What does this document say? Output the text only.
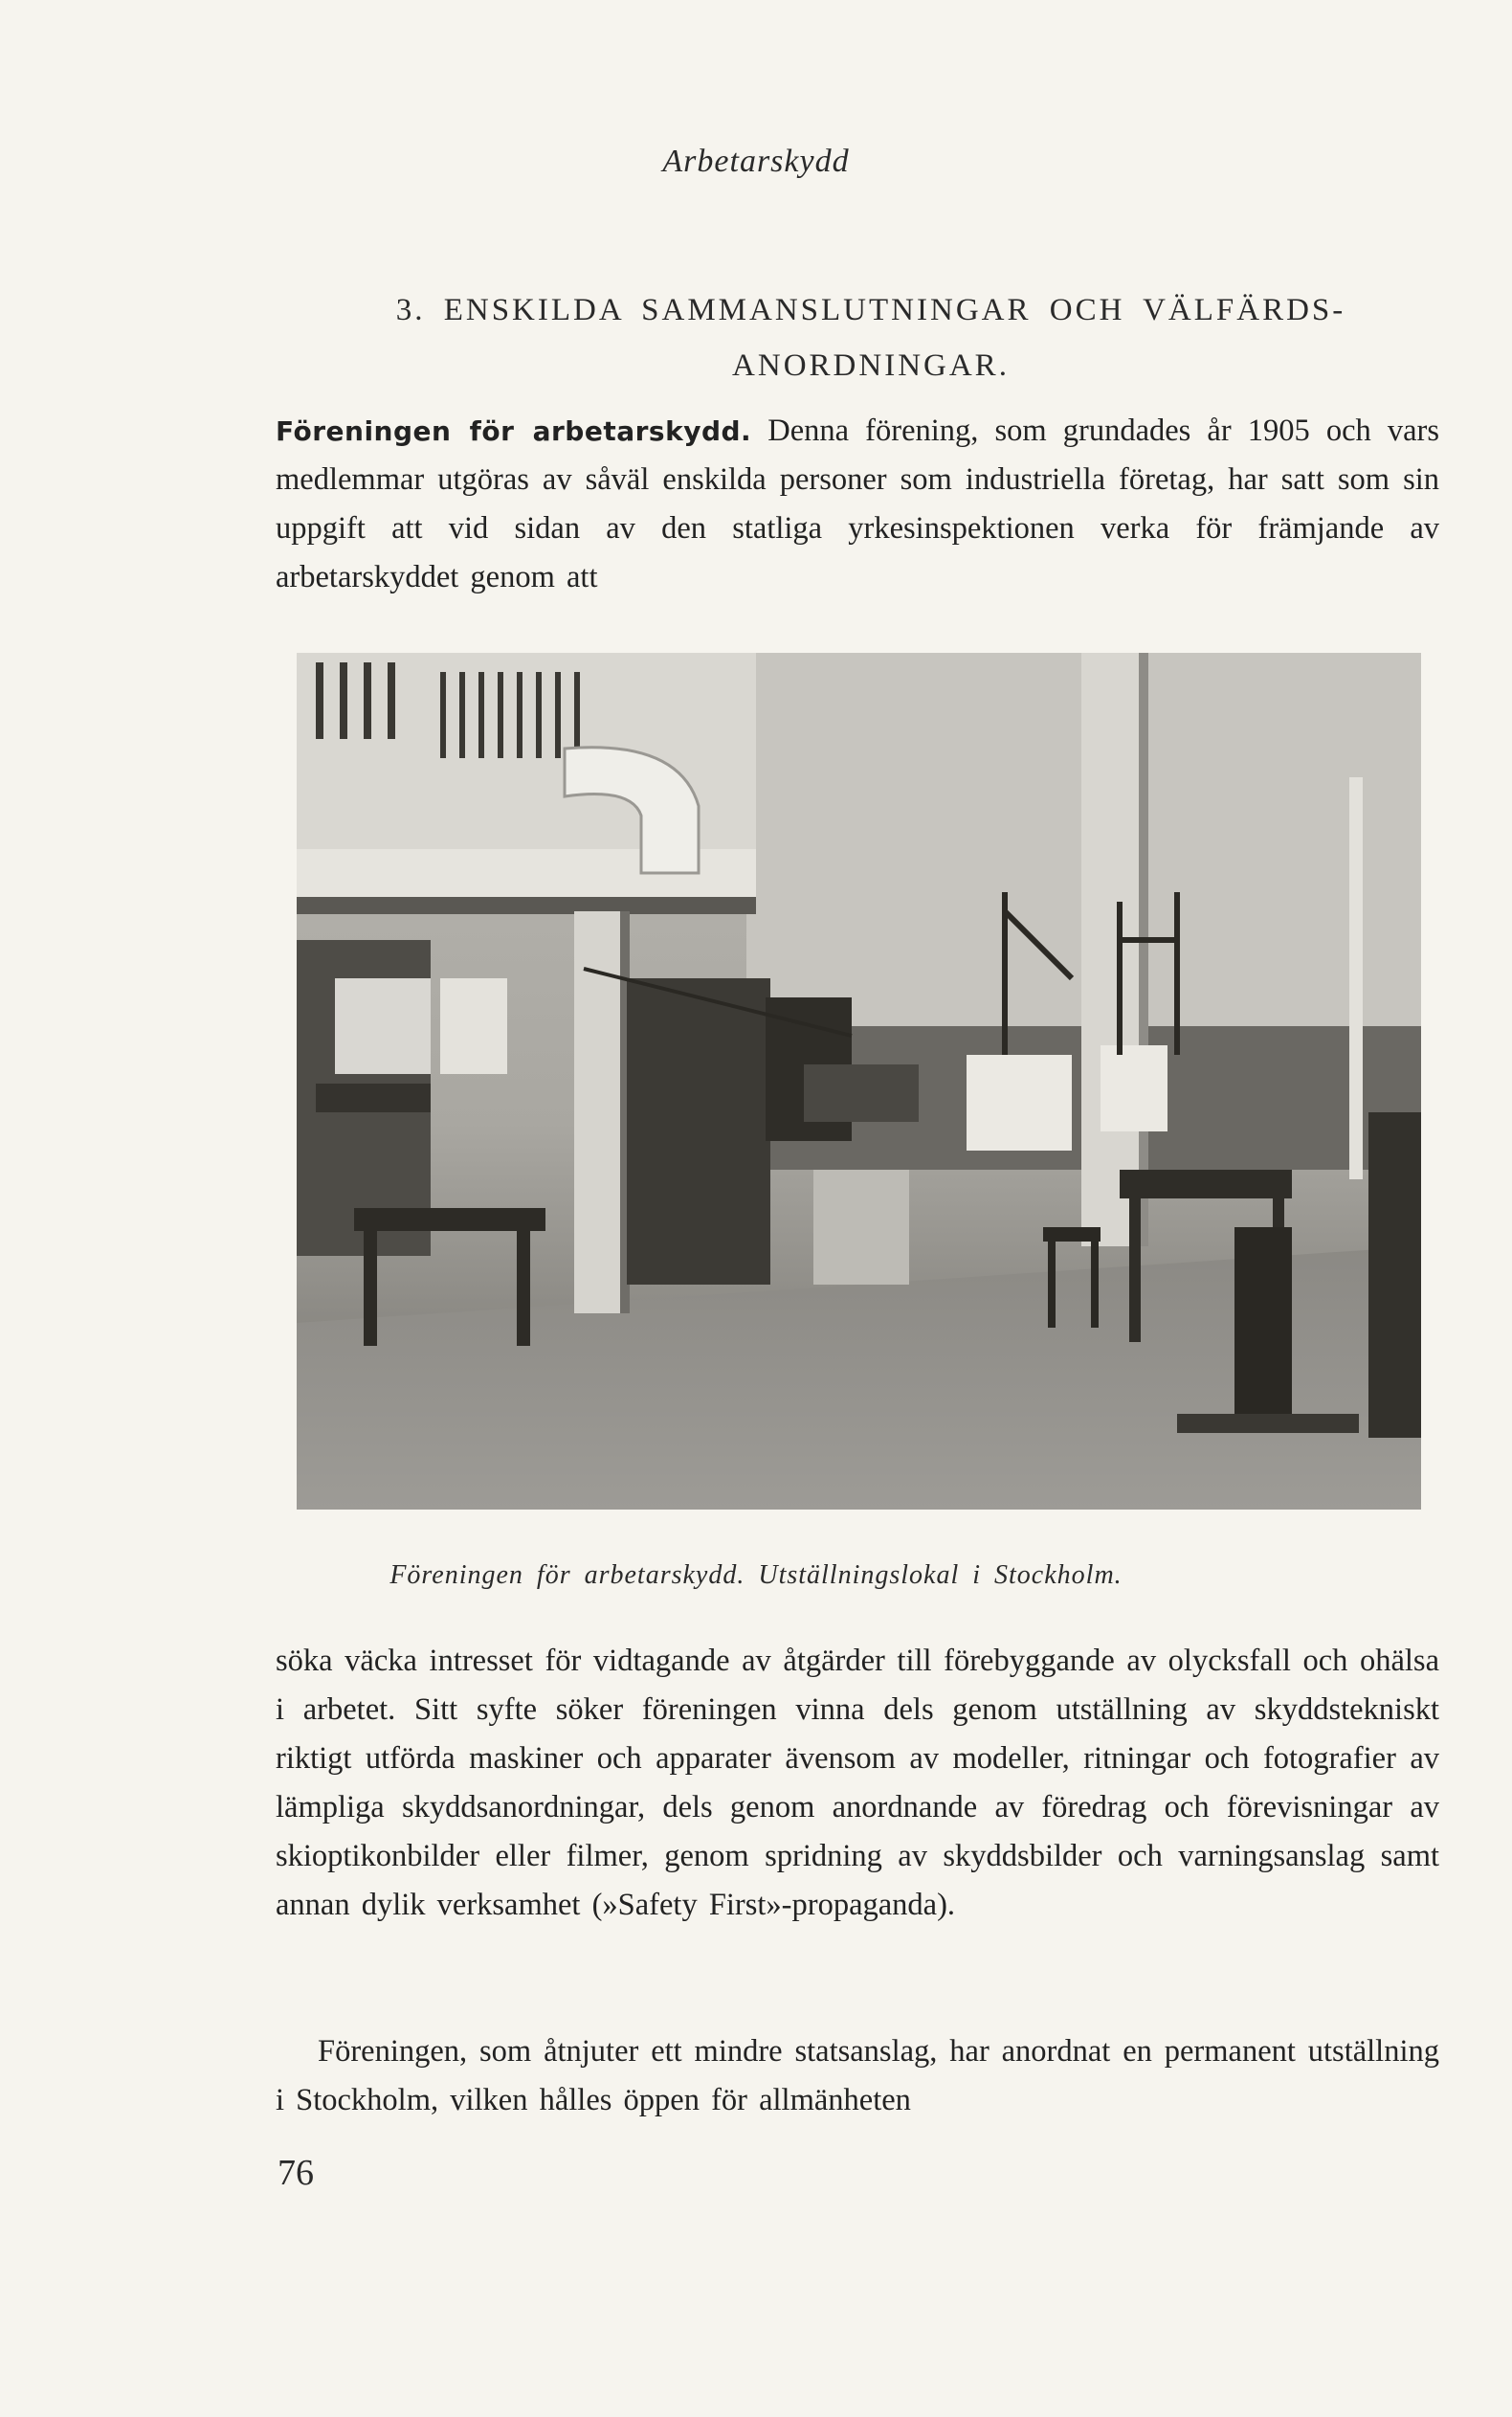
Arbetarskydd
3. ENSKILDA SAMMANSLUTNINGAR OCH VÄLFÄRDS-
ANORDNINGAR.
Föreningen för arbetarskydd. Denna förening, som grundades år 1905 och vars medlemmar utgöras av såväl enskilda personer som industriella företag, har satt som sin uppgift att vid sidan av den statliga yrkesinspektionen verka för främjande av arbetarskyddet genom att
Föreningen för arbetarskydd. Utställningslokal i Stockholm.
söka väcka intresset för vidtagande av åtgärder till förebyggande av olycksfall och ohälsa i arbetet. Sitt syfte söker föreningen vinna dels genom utställning av skyddstekniskt riktigt utförda maskiner och apparater ävensom av modeller, ritningar och fotografier av lämpliga skyddsanordningar, dels genom anordnande av föredrag och förevisningar av skioptikonbilder eller filmer, genom spridning av skyddsbilder och varningsanslag samt annan dylik verksamhet (»Safety First»-propaganda).
Föreningen, som åtnjuter ett mindre statsanslag, har anordnat en permanent utställning i Stockholm, vilken hålles öppen för allmänheten
76
